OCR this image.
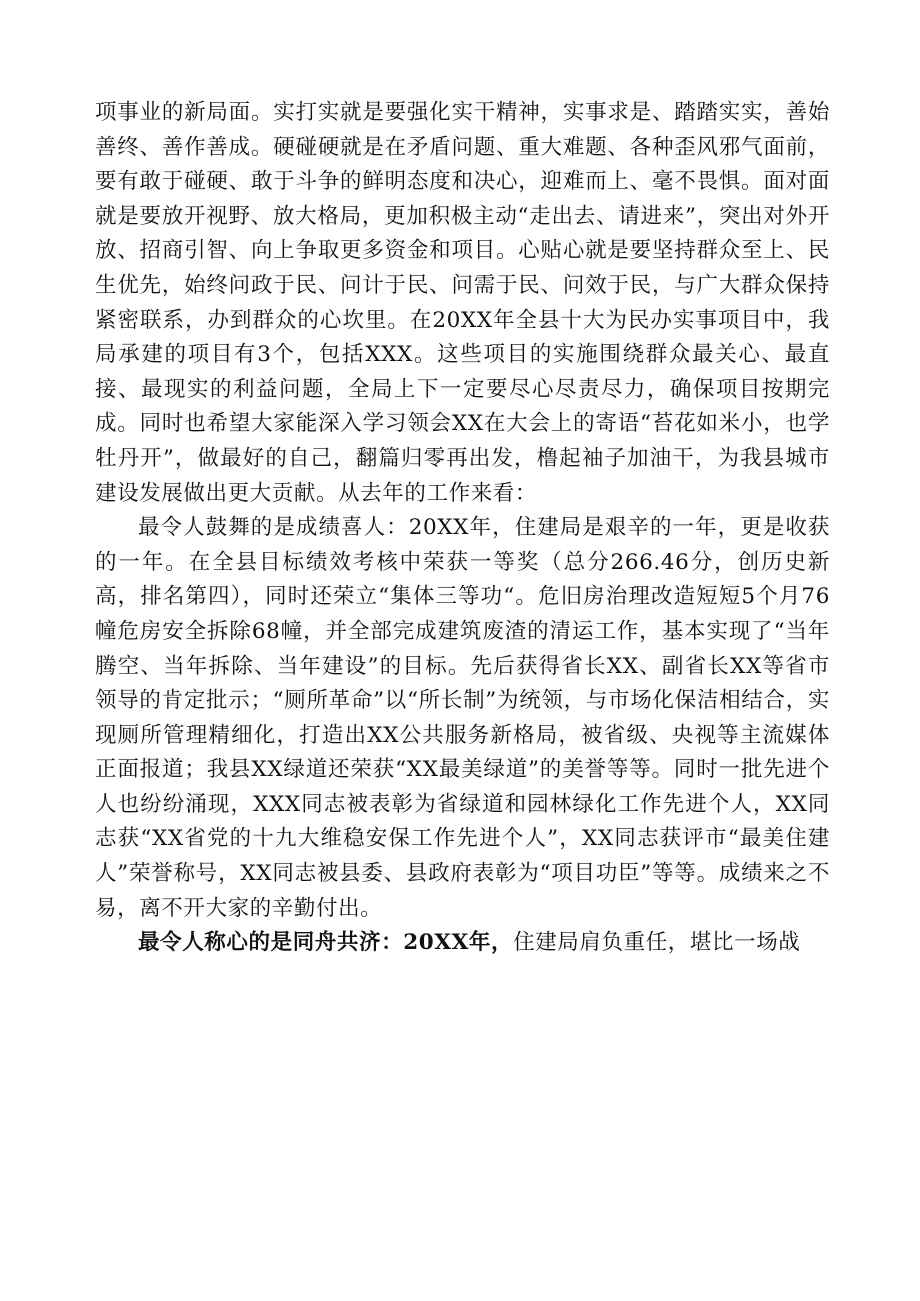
项事业的新局面。实打实就是要强化实干精神，实事求是、踏踏实实，善始善终、善作善成。硬碰硬就是在矛盾问题、重大难题、各种歪风邪气面前，要有敢于碰硬、敢于斗争的鲜明态度和决心，迎难而上、毫不畏惧。面对面就是要放开视野、放大格局，更加积极主动“走出去、请进来”，突出对外开放、招商引智、向上争取更多资金和项目。心贴心就是要坚持群众至上、民生优先，始终问政于民、问计于民、问需于民、问效于民，与广大群众保持紧密联系，办到群众的心坎里。在20XX年全县十大为民办实事项目中，我局承建的项目有3个，包括XXX。这些项目的实施围绕群众最关心、最直接、最现实的利益问题，全局上下一定要尽心尽责尽力，确保项目按期完成。同时也希望大家能深入学习领会XX在大会上的寄语“苔花如米小，也学牡丹开”，做最好的自己，翻篇归零再出发，橹起袖子加油干，为我县城市建设发展做出更大贡献。从去年的工作来看：

最令人鼓舞的是成绩喜人：20XX年，住建局是艰辛的一年，更是收获的一年。在全县目标绩效考核中荣获一等奖（总分266.46分，创历史新高，排名第四），同时还荣立“集体三等功“。危旧房治理改造短短5个月76幢危房安全拆除68幢，并全部完成建筑废渣的清运工作，基本实现了“当年腾空、当年拆除、当年建设”的目标。先后获得省长XX、副省长XX等省市领导的肯定批示；“厕所革命”以“所长制”为统领，与市场化保洁相结合，实现厕所管理精细化，打造出XX公共服务新格局，被省级、央视等主流媒体正面报道；我县XX绿道还荣获“XX最美绿道”的美誉等等。同时一批先进个人也纷纷涌现，XXX同志被表彰为省绿道和园林绿化工作先进个人，XX同志获“XX省党的十九大维稳安保工作先进个人”，XX同志获评市“最美住建人”荣誉称号，XX同志被县委、县政府表彰为“项目功臣”等等。成绩来之不易，离不开大家的辛勤付出。

最令人称心的是同舟共济：20XX年，住建局肩负重任，堪比一场战
